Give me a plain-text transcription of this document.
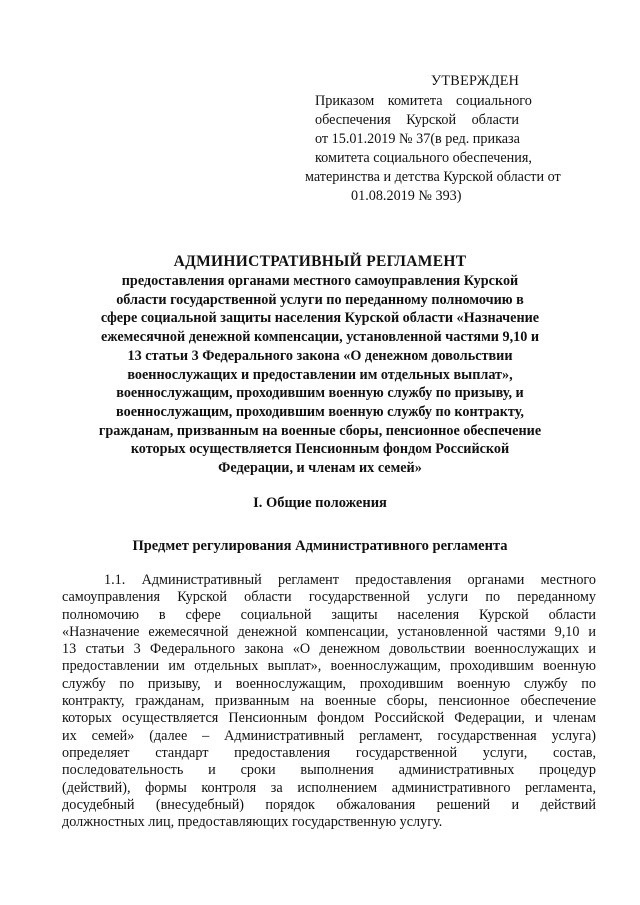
УТВЕРЖДЕН
Приказом комитета социального
обеспечения Курской области
от 15.01.2019 № 37(в ред. приказа
комитета социального обеспечения,
материнства и детства Курской области от
01.08.2019 № 393)
АДМИНИСТРАТИВНЫЙ РЕГЛАМЕНТ
предоставления органами местного самоуправления Курской
области государственной услуги по переданному полномочию в
сфере социальной защиты населения Курской области «Назначение
ежемесячной денежной компенсации, установленной частями 9,10 и
13 статьи 3 Федерального закона «О денежном довольствии
военнослужащих и предоставлении им отдельных выплат»,
военнослужащим, проходившим военную службу по призыву, и
военнослужащим, проходившим военную службу по контракту,
гражданам, призванным на военные сборы, пенсионное обеспечение
которых осуществляется Пенсионным фондом Российской
Федерации, и членам их семей»
I. Общие положения
Предмет регулирования Административного регламента
1.1. Административный регламент предоставления органами местного
самоуправления Курской области государственной услуги по переданному
полномочию в сфере социальной защиты населения Курской области
«Назначение ежемесячной денежной компенсации, установленной частями 9,10 и
13 статьи 3 Федерального закона «О денежном довольствии военнослужащих и
предоставлении им отдельных выплат», военнослужащим, проходившим военную
службу по призыву, и военнослужащим, проходившим военную службу по
контракту, гражданам, призванным на военные сборы, пенсионное обеспечение
которых осуществляется Пенсионным фондом Российской Федерации, и членам
их семей» (далее – Административный регламент, государственная услуга)
определяет стандарт предоставления государственной услуги, состав,
последовательность и сроки выполнения административных процедур
(действий), формы контроля за исполнением административного регламента,
досудебный (внесудебный) порядок обжалования решений и действий
должностных лиц, предоставляющих государственную услугу.
